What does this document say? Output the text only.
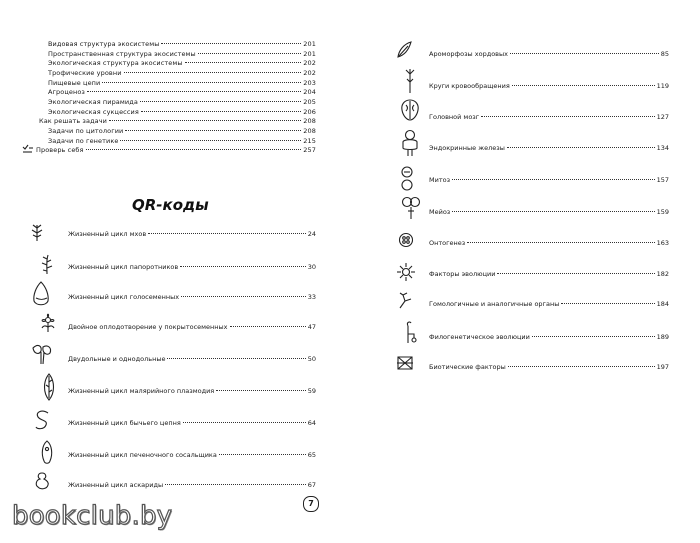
Видовая структура экосистемы	201
Пространственная структура экосистемы	201
Экологическая структура экосистемы	202
Трофические уровни	202
Пищевые цепи	203
Агроценоз	204
Экологическая пирамида	205
Экологическая сукцессия	206
Как решать задачи	208
Задачи по цитологии	208
Задачи по генетике	215
Проверь себя	257
QR-коды
Жизненный цикл мхов	24
Жизненный цикл папоротников	30
Жизненный цикл голосеменных	33
Двойное оплодотворение у покрытосеменных	47
Двудольные и однодольные	50
Жизненный цикл малярийного плазмодия	59
Жизненный цикл бычьего цепня	64
Жизненный цикл печеночного сосальщика	65
Жизненный цикл аскариды	67
7
Ароморфозы хордовых	85
Круги кровообращения	119
Головной мозг	127
Эндокринные железы	134
Митоз	157
Мейоз	159
Онтогенез	163
Факторы эволюции	182
Гомологичные и аналогичные органы	184
Филогенетическое эволюции	189
Биотические факторы	197
bookclub.by
